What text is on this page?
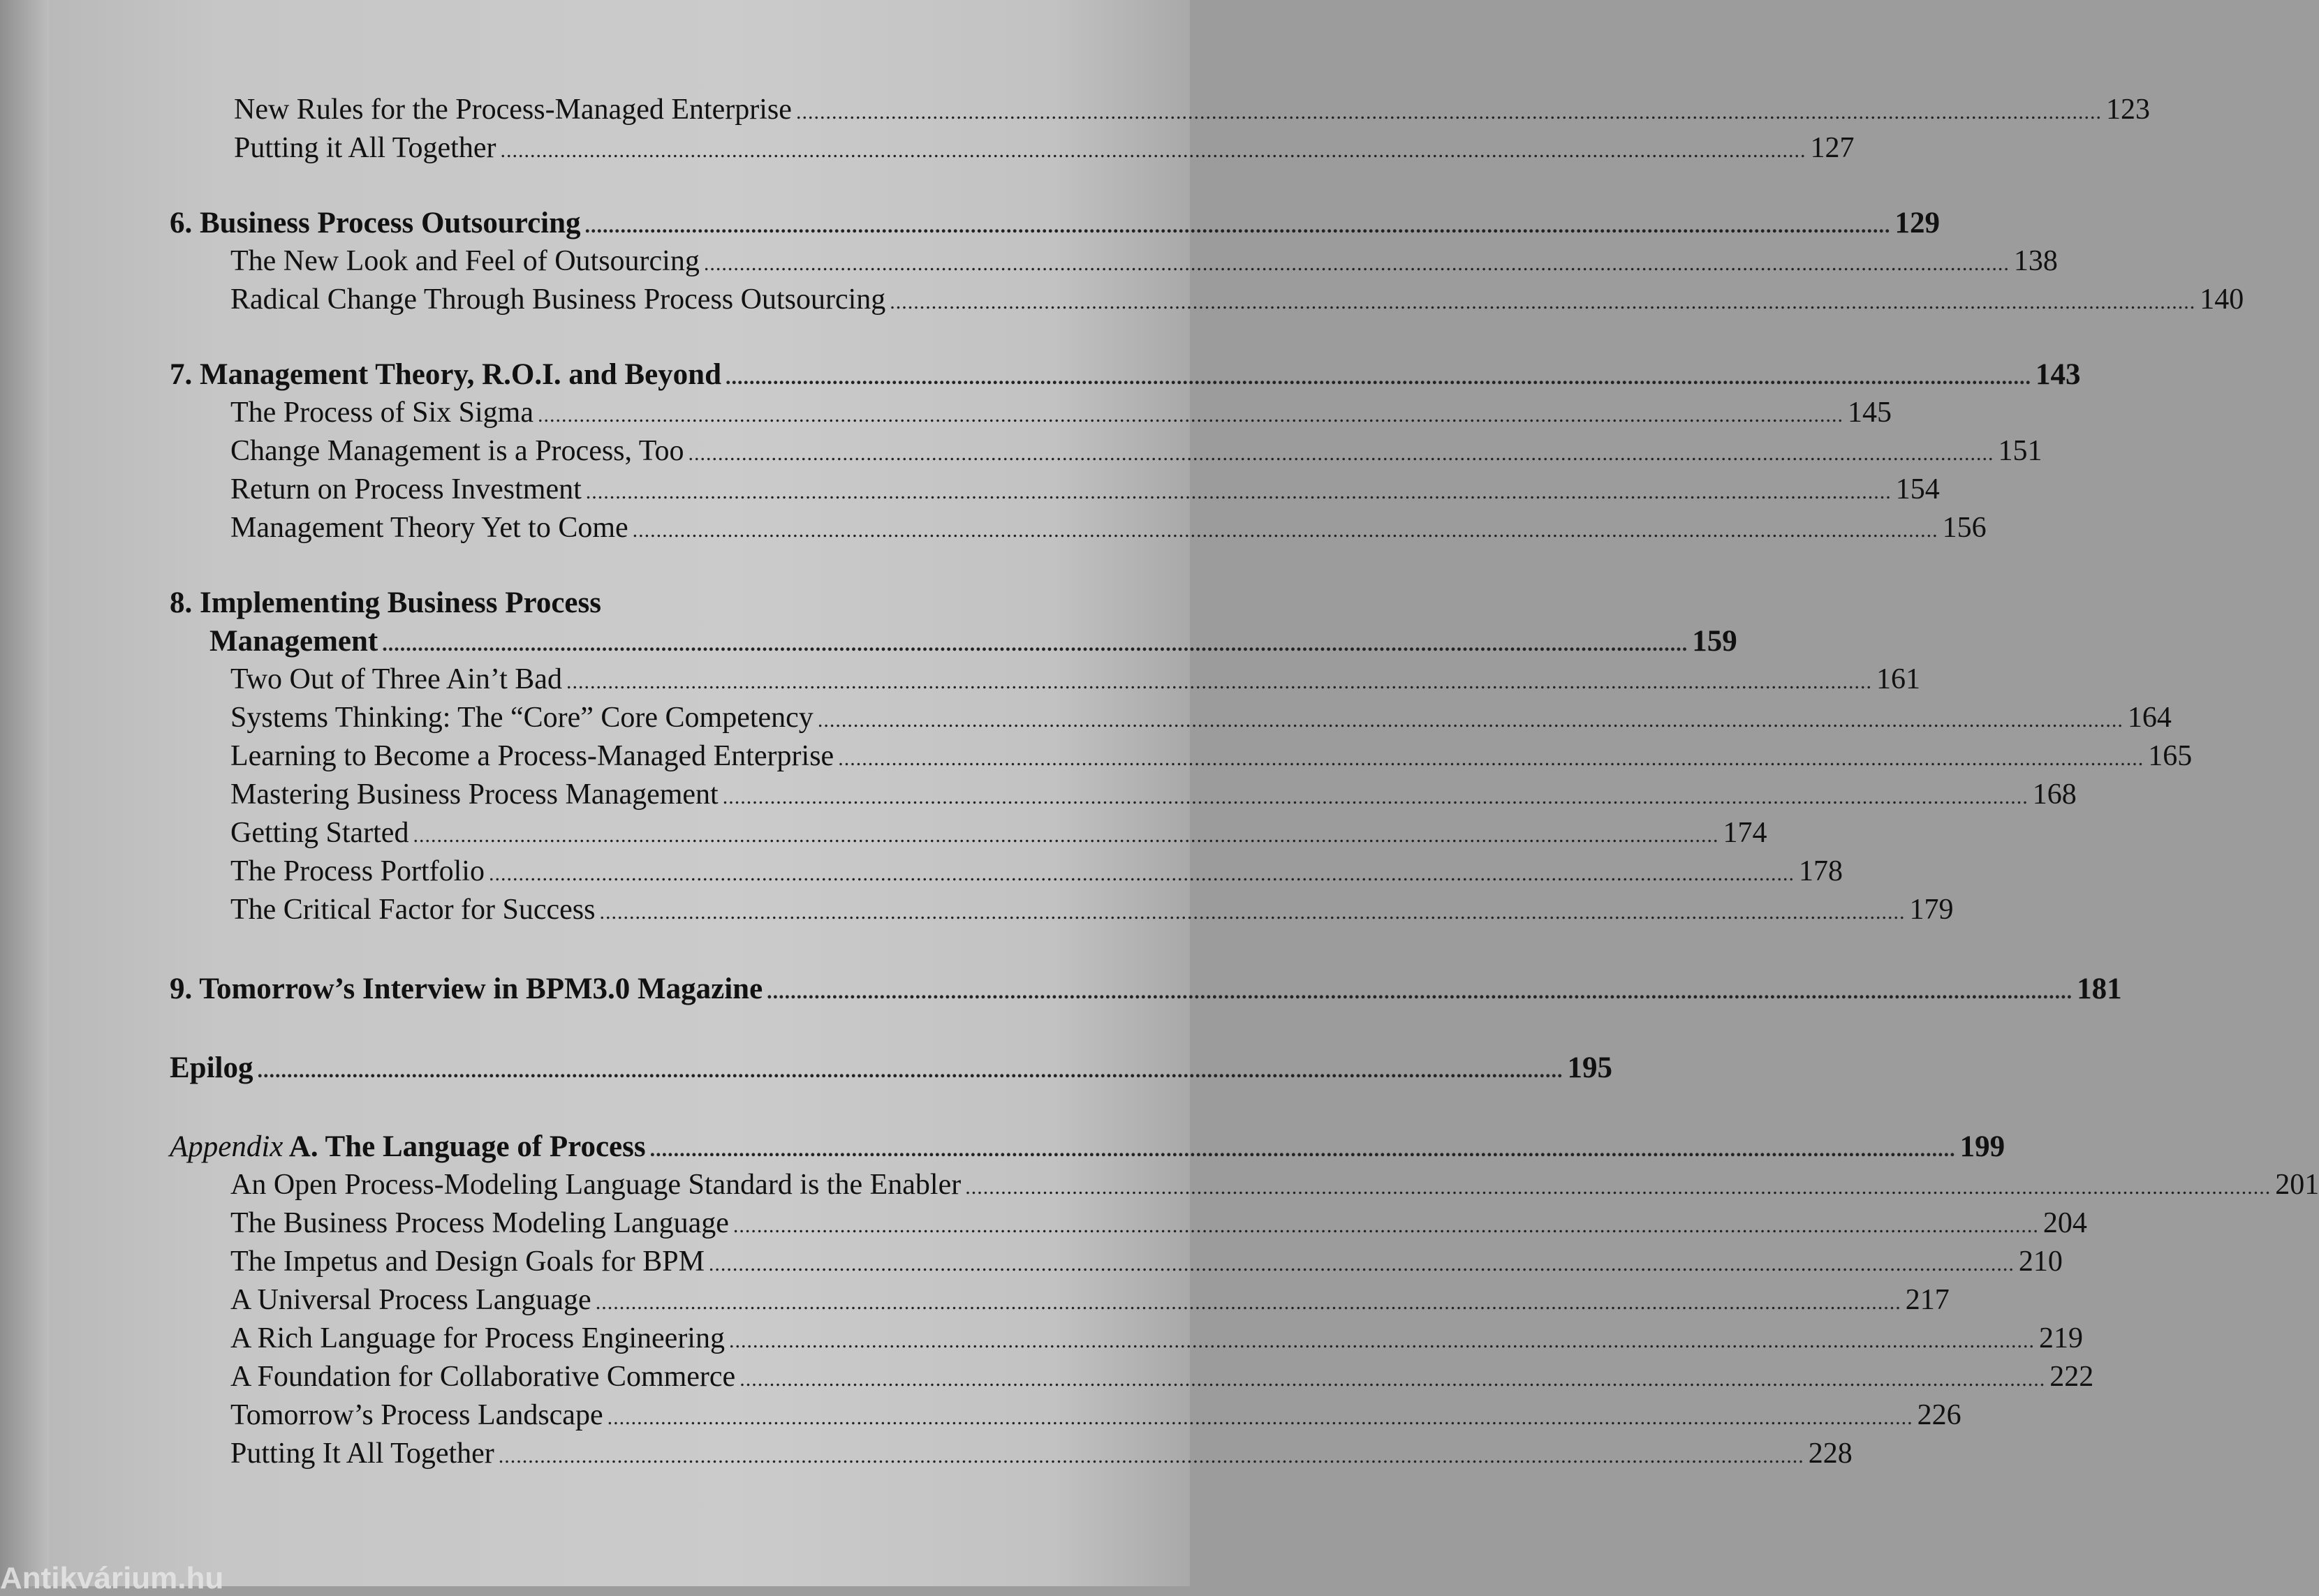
New Rules for the Process-Managed Enterprise ............................................................................................................................................................................................................................ 123
Putting it All Together ............................................................................................................................................................................................................................ 127
6. Business Process Outsourcing ............................................................................................................................................................................................................................ 129
The New Look and Feel of Outsourcing ............................................................................................................................................................................................................................ 138
Radical Change Through Business Process Outsourcing ............................................................................................................................................................................................................................ 140
7. Management Theory, R.O.I. and Beyond ............................................................................................................................................................................................................................ 143
The Process of Six Sigma ............................................................................................................................................................................................................................ 145
Change Management is a Process, Too ............................................................................................................................................................................................................................ 151
Return on Process Investment ............................................................................................................................................................................................................................ 154
Management Theory Yet to Come ............................................................................................................................................................................................................................ 156
8. Implementing Business Process
Management ............................................................................................................................................................................................................................ 159
Two Out of Three Ain’t Bad ............................................................................................................................................................................................................................ 161
Systems Thinking: The “Core” Core Competency ............................................................................................................................................................................................................................ 164
Learning to Become a Process-Managed Enterprise ............................................................................................................................................................................................................................ 165
Mastering Business Process Management ............................................................................................................................................................................................................................ 168
Getting Started ............................................................................................................................................................................................................................ 174
The Process Portfolio ............................................................................................................................................................................................................................ 178
The Critical Factor for Success ............................................................................................................................................................................................................................ 179
9. Tomorrow’s Interview in BPM3.0 Magazine ............................................................................................................................................................................................................................ 181
Epilog ............................................................................................................................................................................................................................ 195
Appendix A. The Language of Process ............................................................................................................................................................................................................................ 199
An Open Process-Modeling Language Standard is the Enabler ............................................................................................................................................................................................................................ 201
The Business Process Modeling Language ............................................................................................................................................................................................................................ 204
The Impetus and Design Goals for BPM ............................................................................................................................................................................................................................ 210
A Universal Process Language ............................................................................................................................................................................................................................ 217
A Rich Language for Process Engineering ............................................................................................................................................................................................................................ 219
A Foundation for Collaborative Commerce ............................................................................................................................................................................................................................ 222
Tomorrow’s Process Landscape ............................................................................................................................................................................................................................ 226
Putting It All Together ............................................................................................................................................................................................................................ 228
Antikvárium.hu
